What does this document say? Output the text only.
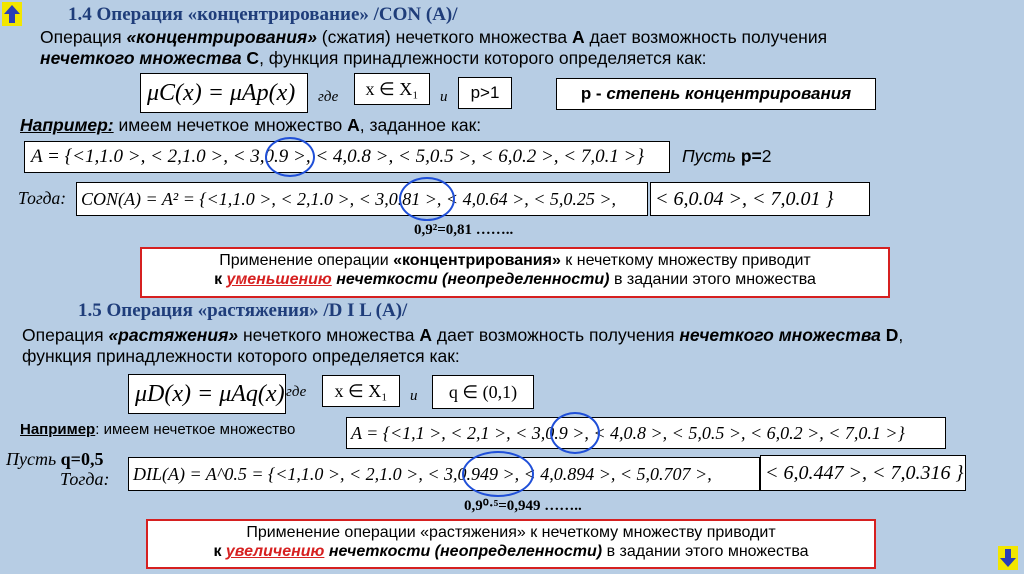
1.4 Операция «концентрирование» /CON (A)/
Операция «концентрирования» (сжатия) нечеткого множества A дает возможность получения
нечеткого множества С, функция принадлежности которого определяется как:
μC(x) = μAp(x)	где	x ∈ X₁	и	p>1	p - степень концентрирования
Например: имеем нечеткое множество A, заданное как:
A = {<1,1.0 >, < 2,1.0 >, < 3,0.9 >, < 4,0.8 >, < 5,0.5 >, < 6,0.2 >, < 7,0.1 >}	Пусть p=2
Тогда: CON(A) = A² = {<1,1.0 >, < 2,1.0 >, < 3,0.81 >, < 4,0.64 >, < 5,0.25 >,	< 6,0.04 >, < 7,0.01 }
0,9²=0,81 ……..
Применение операции «концентрирования» к нечеткому множеству приводит
к уменьшению нечеткости (неопределенности) в задании этого множества
1.5 Операция «растяжения» /D I L (A)/
Операция «растяжения» нечеткого множества A дает возможность получения нечеткого множества D,
функция принадлежности которого определяется как:
μD(x) = μAq(x) где	x ∈ X₁	и	q ∈ (0,1)
Например: имеем нечеткое множество	A = {<1,1 >, < 2,1 >, < 3,0.9 >, < 4,0.8 >, < 5,0.5 >, < 6,0.2 >, < 7,0.1 >}
Пусть q=0,5
Тогда: DIL(A) = A^0.5 = {<1,1.0 >, < 2,1.0 >, < 3,0.949 >, < 4,0.894 >, < 5,0.707 >,	< 6,0.447 >, < 7,0.316 }
0,9⁰·⁵=0,949 ……..
Применение операции «растяжения» к нечеткому множеству приводит
к увеличению нечеткости (неопределенности) в задании этого множества
